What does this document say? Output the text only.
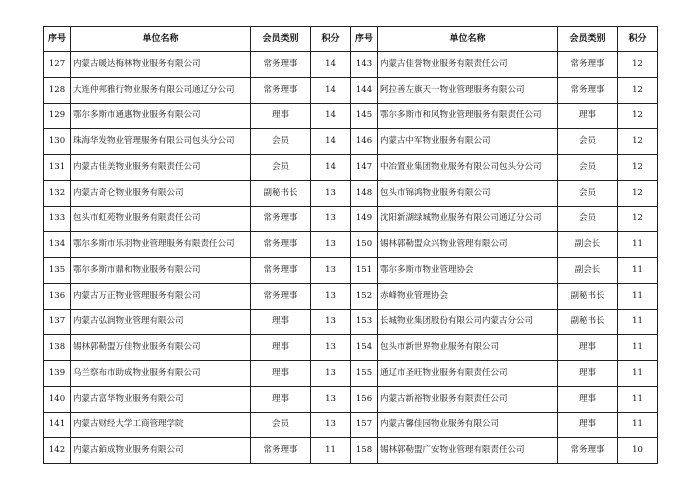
序号	单位名称	会员类别	积分	序号	单位名称	会员类别	积分
127	内蒙古暖达梅林物业服务有限公司	常务理事	14	143	内蒙古佳誉物业服务有限责任公司	常务理事	12
128	大连仲邦雅行物业服务有限公司通辽分公司	常务理事	14	144	阿拉善左旗天一物业管理服务有限公司	常务理事	12
129	鄂尔多斯市通惠物业服务有限公司	理事	14	145	鄂尔多斯市和风物业管理服务有限责任公司	理事	12
130	珠海华发物业管理服务有限公司包头分公司	会员	14	146	内蒙古中军物业服务有限公司	会员	12
131	内蒙古佳美物业服务有限责任公司	会员	14	147	中冶置业集团物业服务有限公司包头分公司	会员	12
132	内蒙古奇仑物业服务有限公司	副秘书长	13	148	包头市锦鸿物业服务有限公司	会员	12
133	包头市虹苑物业服务有限责任公司	常务理事	13	149	沈阳新湖绿城物业服务有限公司通辽分公司	会员	12
134	鄂尔多斯市乐羽物业管理服务有限责任公司	常务理事	13	150	锡林郭勒盟众兴物业管理有限公司	副会长	11
135	鄂尔多斯市鼎和物业服务有限公司	常务理事	13	151	鄂尔多斯市物业管理协会	副会长	11
136	内蒙古万正物业管理服务有限公司	常务理事	13	152	赤峰物业管理协会	副秘书长	11
137	内蒙古弘润物业管理有限公司	理事	13	153	长城物业集团股份有限公司内蒙古分公司	副秘书长	11
138	锡林郭勒盟万佳物业服务有限公司	理事	13	154	包头市新世界物业服务有限公司	理事	11
139	乌兰察布市助成物业服务有限公司	理事	13	155	通辽市圣旺物业服务有限责任公司	理事	11
140	内蒙古富华物业服务有限公司	理事	13	156	内蒙古新裕物业服务有限责任公司	理事	11
141	内蒙古财经大学工商管理学院	会员	13	157	内蒙古馨佳园物业服务有限公司	理事	11
142	内蒙古銆成物业服务有限公司	常务理事	11	158	锡林郭勒盟广安物业管理有限责任公司	常务理事	10
